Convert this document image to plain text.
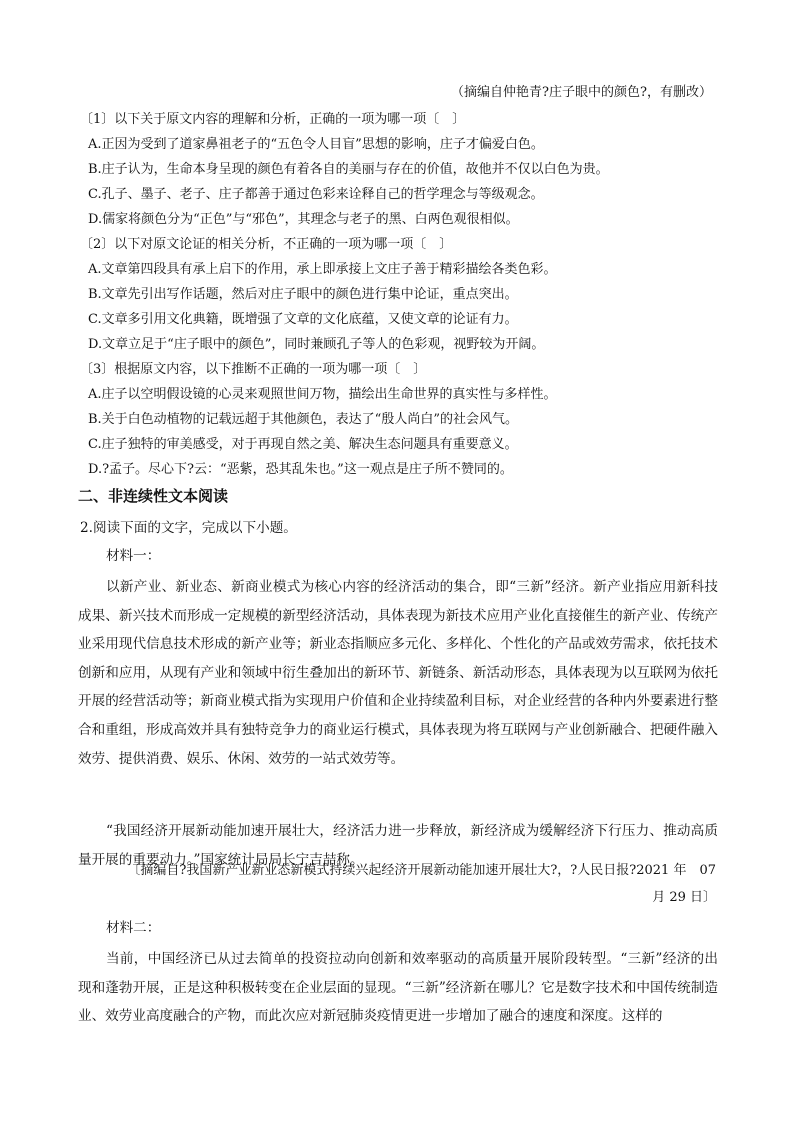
（摘编自仲艳青?庄子眼中的颜色?，有删改）
〔1〕以下关于原文内容的理解和分析，正确的一项为哪一项〔　〕
A.正因为受到了道家鼻祖老子的“五色令人目盲”思想的影响，庄子才偏爱白色。
B.庄子认为，生命本身呈现的颜色有着各自的美丽与存在的价值，故他并不仅以白色为贵。
C.孔子、墨子、老子、庄子都善于通过色彩来诠释自己的哲学理念与等级观念。
D.儒家将颜色分为“正色”与“邪色”，其理念与老子的黑、白两色观很相似。
〔2〕以下对原文论证的相关分析，不正确的一项为哪一项〔　〕
A.文章第四段具有承上启下的作用，承上即承接上文庄子善于精彩描绘各类色彩。
B.文章先引出写作话题，然后对庄子眼中的颜色进行集中论证，重点突出。
C.文章多引用文化典籍，既增强了文章的文化底蕴，又使文章的论证有力。
D.文章立足于“庄子眼中的颜色”，同时兼顾孔子等人的色彩观，视野较为开阔。
〔3〕根据原文内容，以下推断不正确的一项为哪一项〔　〕
A.庄子以空明假设镜的心灵来观照世间万物，描绘出生命世界的真实性与多样性。
B.关于白色动植物的记载远超于其他颜色，表达了“殷人尚白”的社会风气。
C.庄子独特的审美感受，对于再现自然之美、解决生态问题具有重要意义。
D.?孟子。尽心下?云：“恶紫，恐其乱朱也。”这一观点是庄子所不赞同的。
二、非连续性文本阅读
2.阅读下面的文字，完成以下小题。
材料一：
以新产业、新业态、新商业模式为核心内容的经济活动的集合，即“三新”经济。新产业指应用新科技成果、新兴技术而形成一定规模的新型经济活动，具体表现为新技术应用产业化直接催生的新产业、传统产业采用现代信息技术形成的新产业等；新业态指顺应多元化、多样化、个性化的产品或效劳需求，依托技术创新和应用，从现有产业和领域中衍生叠加出的新环节、新链条、新活动形态，具体表现为以互联网为依托开展的经营活动等；新商业模式指为实现用户价值和企业持续盈利目标，对企业经营的各种内外要素进行整合和重组，形成高效并具有独特竞争力的商业运行模式，具体表现为将互联网与产业创新融合、把硬件融入效劳、提供消费、娱乐、休闲、效劳的一站式效劳等。
“我国经济开展新动能加速开展壮大，经济活力进一步释放，新经济成为缓解经济下行压力、推动高质量开展的重要动力。”国家统计局局长宁吉喆称。
〔摘编自?我国新产业新业态新模式持续兴起经济开展新动能加速开展壮大?，?人民日报?2021 年　07
月 29 日〕
材料二：
当前，中国经济已从过去简单的投资拉动向创新和效率驱动的高质量开展阶段转型。“三新”经济的出现和蓬勃开展，正是这种积极转变在企业层面的显现。“三新”经济新在哪儿？它是数字技术和中国传统制造业、效劳业高度融合的产物，而此次应对新冠肺炎疫情更进一步增加了融合的速度和深度。这样的
